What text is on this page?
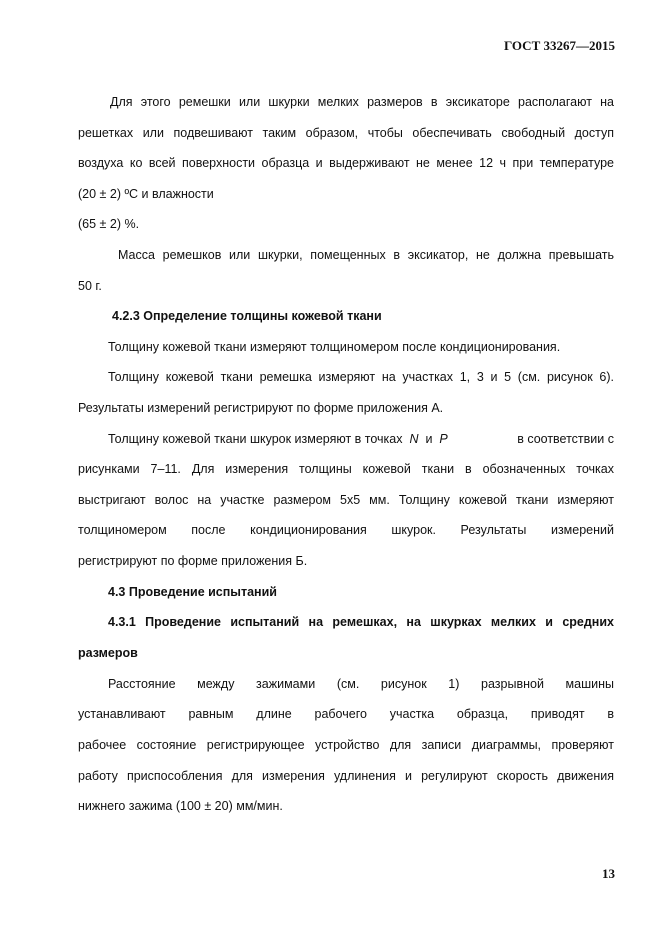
ГОСТ 33267—2015

Для этого ремешки или шкурки мелких размеров в эксикаторе располагают на

решетках или подвешивают таким образом, чтобы обеспечивать свободный доступ

воздуха ко всей поверхности образца и выдерживают не менее 12 ч при температуре

(20 ± 2) ºС и влажности

(65 ± 2) %.

Масса ремешков или шкурки, помещенных в эксикатор, не должна превышать

50 г.

4.2.3 Определение толщины кожевой ткани

Толщину кожевой ткани измеряют толщиномером после кондиционирования.

Толщину кожевой ткани ремешка измеряют на участках 1, 3 и 5 (см. рисунок 6).

Результаты измерений регистрируют по форме приложения А.

Толщину кожевой ткани шкурок измеряют в точках N и P	в соответствии с

рисунками 7–11. Для измерения толщины кожевой ткани в обозначенных точках

выстригают волос на участке размером 5x5 мм. Толщину кожевой ткани измеряют

толщиномером после кондиционирования шкурок. Результаты измерений

регистрируют по форме приложения Б.

4.3 Проведение испытаний

4.3.1 Проведение испытаний на ремешках, на шкурках мелких и средних

размеров

Расстояние между зажимами (см. рисунок 1) разрывной машины

устанавливают равным длине рабочего участка образца, приводят в

рабочее состояние регистрирующее устройство для записи диаграммы, проверяют

работу приспособления для измерения удлинения и регулируют скорость движения

нижнего зажима (100 ± 20) мм/мин.

13
